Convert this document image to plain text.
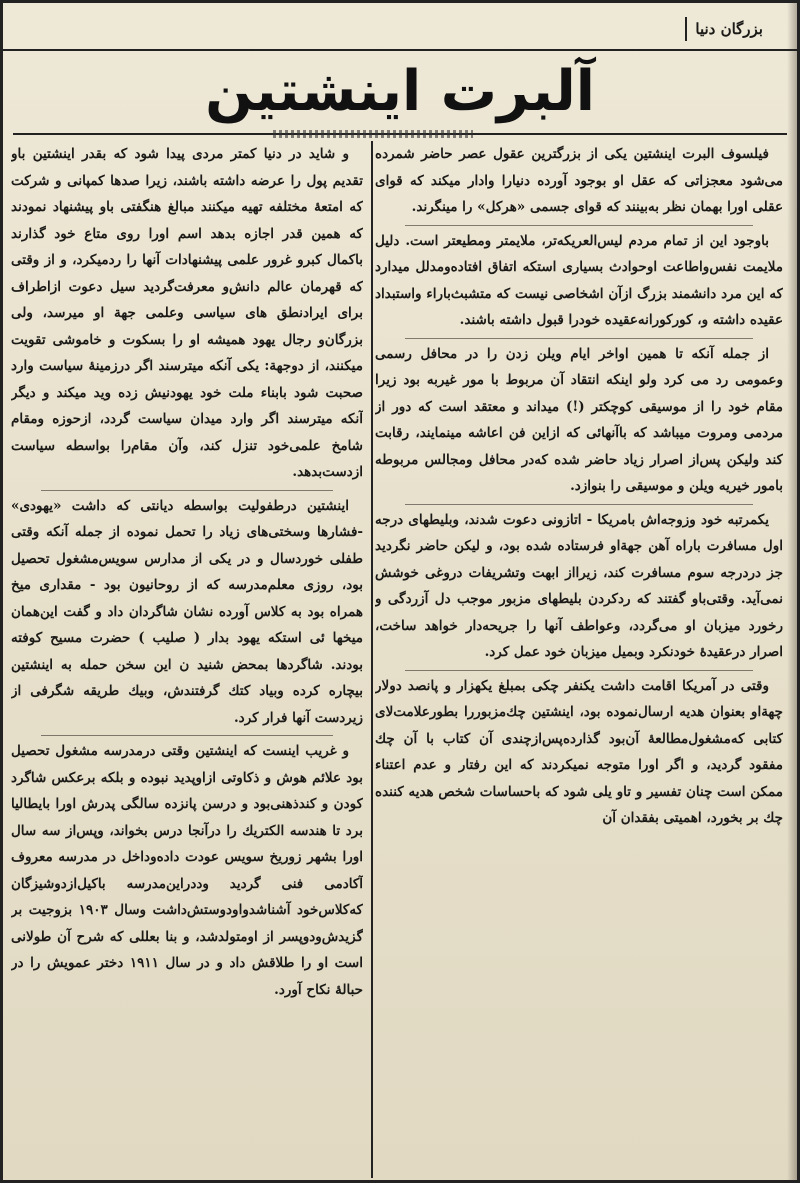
بزرگان دنیا
آلبرت اینشتین

فیلسوف البرت اینشتین یکی از بزرگترین عقول عصر حاضر شمرده می‌شود معجزاتی که عقل او بوجود آورده دنیارا وادار میکند که قوای عقلی اورا بهمان نظر به‌بینند که قوای جسمی «هرکل» را مینگرند.

باوجود این از تمام مردم لیس‌العریکه‌تر، ملایمتر ومطیعتر است. دلیل ملایمت نفس‌واطاعت اوحوادث بسیاری استکه اتفاق افتاده‌ومدلل میدارد که این مرد دانشمند بزرگ ازآن اشخاصی نیست که متشبث‌باراء واستبداد عقیده داشته و، کورکورانه‌عقیده‌ خودرا قبول داشته باشند.

از جمله آنکه تا همین اواخر ایام ویلن زدن را در محافل رسمی وعمومی رد می کرد ولو اینکه انتقاد آن مربوط با مور غیربه بود زیرا مقام خود را از موسیقی کوچکتر (!) میداند و معتقد است که دور از مردمی ومروت میباشد که باآنهائی که ازاین فن اعاشه مینمایند، رقابت کند ولیکن پس‌از اصرار زیاد حاضر شده که‌در محافل ومجالس مربوطه بامور خیریه ویلن و موسیقی را بنوازد.

یکمرتبه خود وزوجه‌اش بامریکا - اتازونی دعوت شدند، وبلیطهای درجه اول مسافرت باراه آهن جهةاو فرستاده شده بود، و لیکن حاضر نگردید جز دردرجه سوم مسافرت کند، زیرااز ابهت وتشریفات دروغی خوشش نمی‌آید. وقتی‌باو گفتند که ردکردن بلیطهای مزبور موجب دل آزردگی و رخورد میزبان او می‌گردد، وعواطف آنها را جریحه‌دار خواهد ساخت، اصرار درعقیدهٔ خودنکرد وبمیل میزبان خود عمل کرد.

وقتی در آمریکا اقامت داشت یکنفر چکی بمبلغ یکهزار و پانصد دولار چهةاو بعنوان هدیه ارسال‌نموده بود، اینشتین چك‌مزبوررا بطورعلامت‌لای کتابی که‌مشغول‌مطالعهٔ آن‌بود گذارده‌پس‌ازچندی آن کتاب با آن چك مفقود گردید، و اگر اورا متوجه نمیکردند که این رفتار و عدم اعتناء ممکن است چنان تفسیر و تاو یلی شود که باحساسات شخص هدیه کننده چك بر بخورد، اهمیتی بفقدان آن

و شاید در دنیا کمتر مردی پیدا شود که بقدر اینشتین باو تقدیم پول را عرضه داشته باشند، زیرا صدها کمپانی و شرکت که امتعهٔ مختلفه تهیه میکنند مبالغ هنگفتی باو پیشنهاد نمودند که همین قدر اجازه بدهد اسم اورا روی متاع خود گذارند باکمال کبرو غرور علمی پیشنهادات آنها را رد‌میکرد، و از وقتی که قهرمان عالم دانش‌و معرفت‌گردید سیل دعوت ازاطراف برای ایرادنطق های سیاسی وعلمی جهة او میرسد، ولی بزرگان‌و رجال یهود همیشه او را بسکوت و خاموشی تقویت میکنند، از دوجهة: یکی آنکه میترسند اگر درزمینهٔ سیاست وارد صحبت شود بابناء ملت خود یهودنیش زده وید میکند و دیگر آنکه میترسند اگر وارد میدان سیاست گردد، ازحوزه ومقام شامخ علمی‌خود تنزل کند، وآن مقام‌را بواسطه سیاست ازدست‌بدهد.

اینشتین درطفولیت بواسطه دیانتی که داشت «یهودی» -فشارها وسختی‌های زیاد را تحمل نموده از جمله آنکه وقتی طفلی خوردسال و در یکی از مدارس سویس‌مشغول تحصیل بود، روزی معلم‌مدرسه که از روحانیون بود - مقداری میخ همراه بود به کلاس آورده نشان شاگردان داد و گفت این‌همان میخها ئی استکه یهود بدار ( صلیب ) حضرت مسیح کوفته بودند. شاگردها بمحض شنید ن این سخن حمله به اینشتین بیچاره کرده وبیاد کتك گرفتندش، وبیك طریقه شگرفی از زیردست آنها فرار کرد.

و غریب اینست که اینشتین وقتی درمدرسه مشغول تحصیل بود علائم هوش و ذکاوتی ازاوپدید نبوده و بلکه برعکس شاگرد کودن و کندذهنی‌بود و درسن پانزده سالگی پدرش اورا بایطالیا برد تا هندسه الکتریك را درآنجا درس بخواند، وپس‌از سه سال اورا بشهر زوریخ سویس عودت داده‌وداخل در مدرسه معروف آکادمی فنی گردید وددراین‌مدرسه باکیل‌ازدوشیزگان که‌کلاس‌خود آشناشدواودوستش‌داشت وسال ۱۹۰۳ بزوجیت بر گزیدش‌ودوپسر از اومتولدشد، و بنا بعللی که شرح آن طولانی است او را طلاقش داد و در سال ۱۹۱۱ دختر عمویش را در حبالهٔ نکاح آورد.
